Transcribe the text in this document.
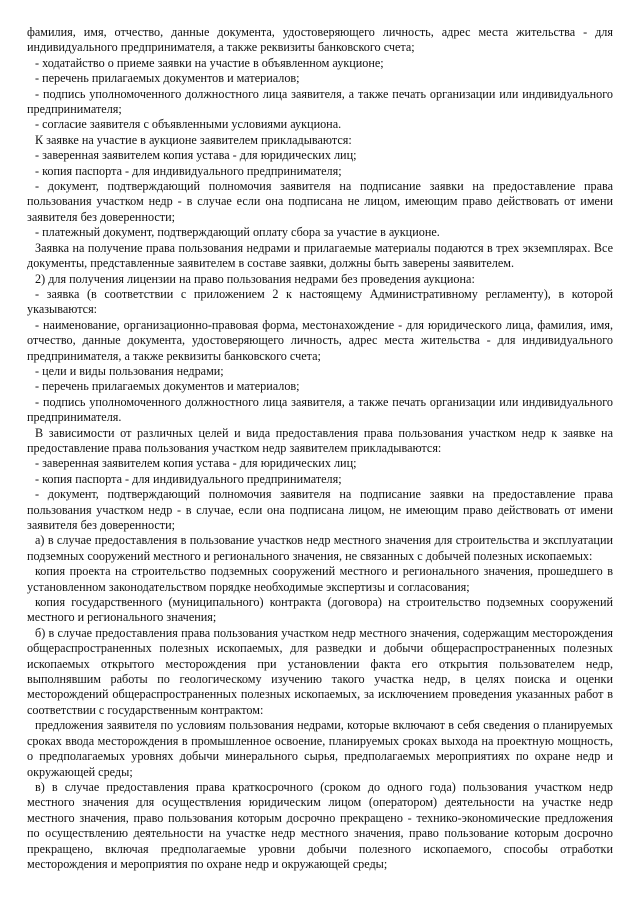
фамилия, имя, отчество, данные документа, удостоверяющего личность, адрес места жительства - для индивидуального предпринимателя, а также реквизиты банковского счета;

- ходатайство о приеме заявки на участие в объявленном аукционе;

- перечень прилагаемых документов и материалов;

- подпись уполномоченного должностного лица заявителя, а также печать организации или индивидуального предпринимателя;

- согласие заявителя с объявленными условиями аукциона.

К заявке на участие в аукционе заявителем прикладываются:

- заверенная заявителем копия устава - для юридических лиц;

- копия паспорта - для индивидуального предпринимателя;

- документ, подтверждающий полномочия заявителя на подписание заявки на предоставление права пользования участком недр - в случае если она подписана не лицом, имеющим право действовать от имени заявителя без доверенности;

- платежный документ, подтверждающий оплату сбора за участие в аукционе.

Заявка на получение права пользования недрами и прилагаемые материалы подаются в трех экземплярах. Все документы, представленные заявителем в составе заявки, должны быть заверены заявителем.

2) для получения лицензии на право пользования недрами без проведения аукциона:

- заявка (в соответствии с приложением 2 к настоящему Административному регламенту), в которой указываются:

- наименование, организационно-правовая форма, местонахождение - для юридического лица, фамилия, имя, отчество, данные документа, удостоверяющего личность, адрес места жительства - для индивидуального предпринимателя, а также реквизиты банковского счета;

- цели и виды пользования недрами;

- перечень прилагаемых документов и материалов;

- подпись уполномоченного должностного лица заявителя, а также печать организации или индивидуального предпринимателя.

В зависимости от различных целей и вида предоставления права пользования участком недр к заявке на предоставление права пользования участком недр заявителем прикладываются:

- заверенная заявителем копия устава - для юридических лиц;

- копия паспорта - для индивидуального предпринимателя;

- документ, подтверждающий полномочия заявителя на подписание заявки на предоставление права пользования участком недр - в случае, если она подписана лицом, не имеющим право действовать от имени заявителя без доверенности;

а) в случае предоставления в пользование участков недр местного значения для строительства и эксплуатации подземных сооружений местного и регионального значения, не связанных с добычей полезных ископаемых:

копия проекта на строительство подземных сооружений местного и регионального значения, прошедшего в установленном законодательством порядке необходимые экспертизы и согласования;

копия государственного (муниципального) контракта (договора) на строительство подземных сооружений местного и регионального значения;

б) в случае предоставления права пользования участком недр местного значения, содержащим месторождения общераспространенных полезных ископаемых, для разведки и добычи общераспространенных полезных ископаемых открытого месторождения при установлении факта его открытия пользователем недр, выполнявшим работы по геологическому изучению такого участка недр, в целях поиска и оценки месторождений общераспространенных полезных ископаемых, за исключением проведения указанных работ в соответствии с государственным контрактом:

предложения заявителя по условиям пользования недрами, которые включают в себя сведения о планируемых сроках ввода месторождения в промышленное освоение, планируемых сроках выхода на проектную мощность, о предполагаемых уровнях добычи минерального сырья, предполагаемых мероприятиях по охране недр и окружающей среды;

в) в случае предоставления права краткосрочного (сроком до одного года) пользования участком недр местного значения для осуществления юридическим лицом (оператором) деятельности на участке недр местного значения, право пользования которым досрочно прекращено - технико-экономические предложения по осуществлению деятельности на участке недр местного значения, право пользование которым досрочно прекращено, включая предполагаемые уровни добычи полезного ископаемого, способы отработки месторождения и мероприятия по охране недр и окружающей среды;
